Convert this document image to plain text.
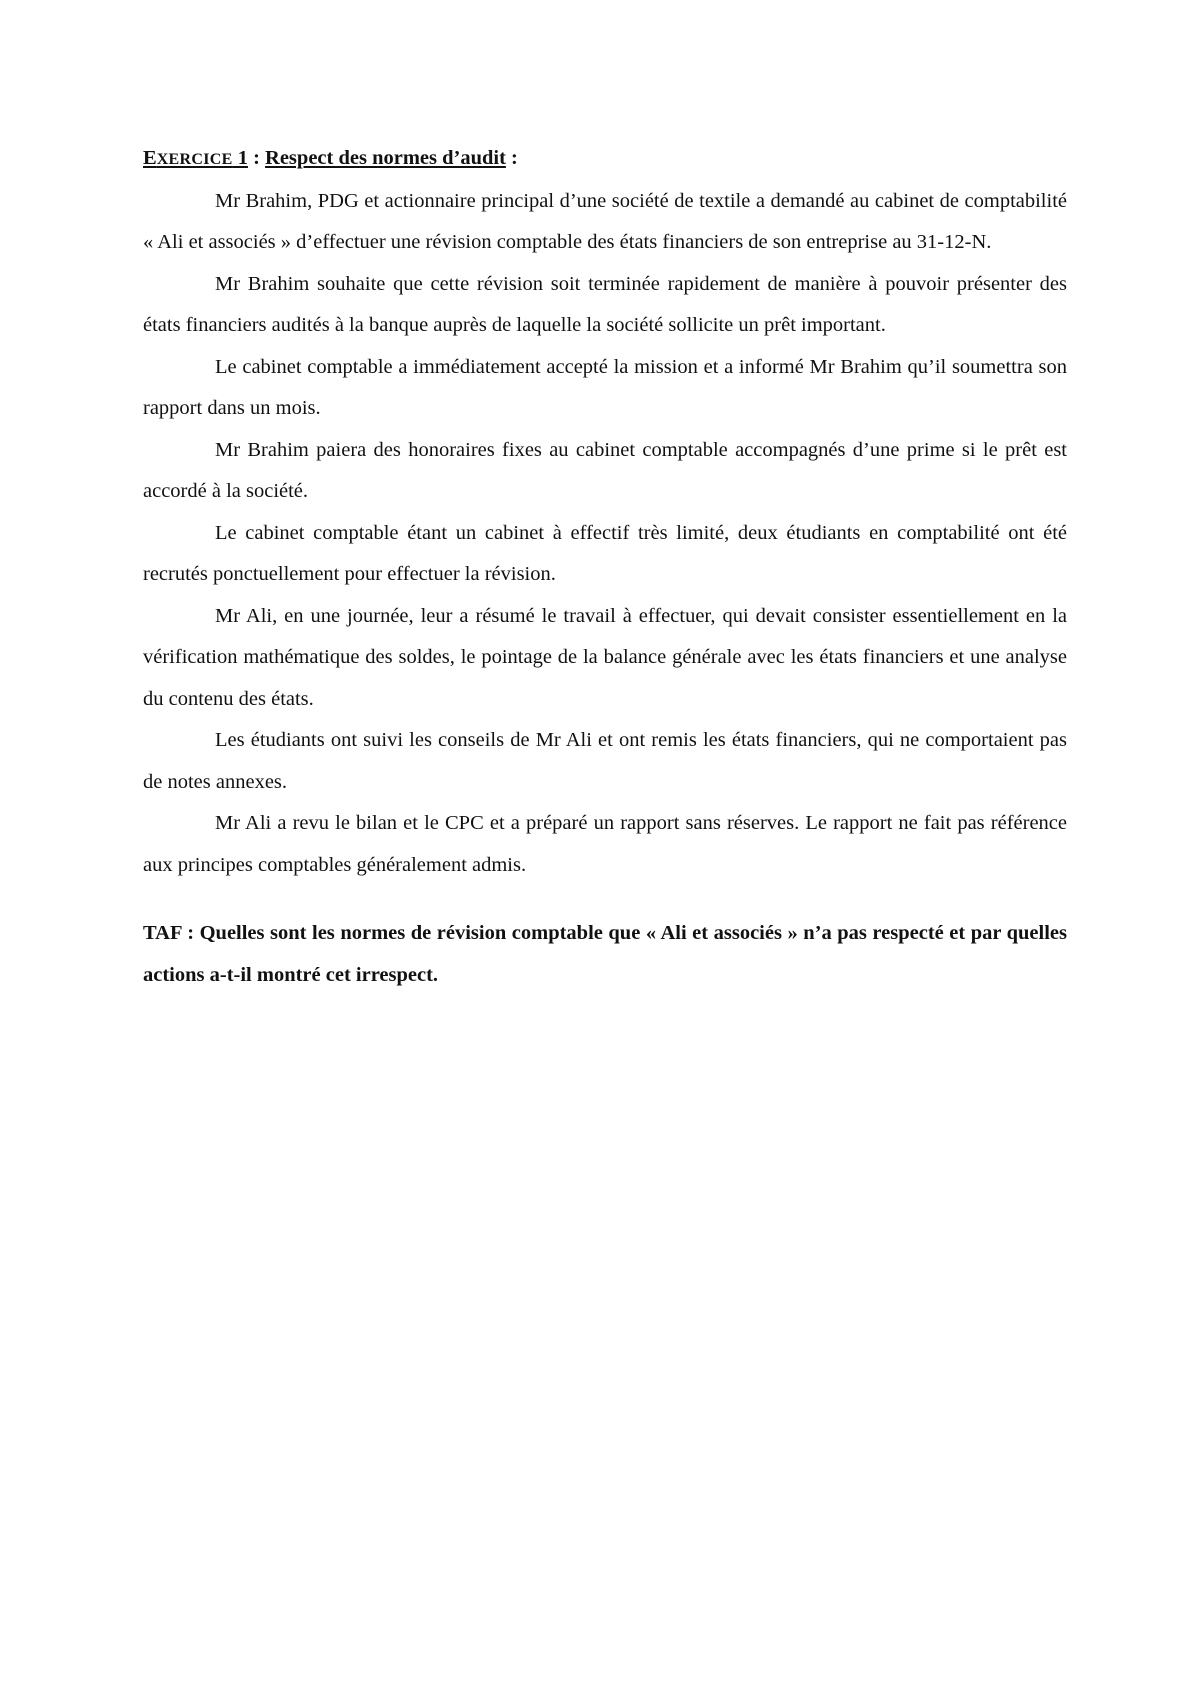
EXERCICE 1 : Respect des normes d’audit :

Mr Brahim, PDG et actionnaire principal d’une société de textile a demandé au cabinet de comptabilité « Ali et associés » d’effectuer une révision comptable des états financiers de son entreprise au 31-12-N.

Mr Brahim souhaite que cette révision soit terminée rapidement de manière à pouvoir présenter des états financiers audités à la banque auprès de laquelle la société sollicite un prêt important.

Le cabinet comptable a immédiatement accepté la mission et a informé Mr Brahim qu’il soumettra son rapport dans un mois.

Mr Brahim paiera des honoraires fixes au cabinet comptable accompagnés d’une prime si le prêt est accordé à la société.

Le cabinet comptable étant un cabinet à effectif très limité, deux étudiants en comptabilité ont été recrutés ponctuellement pour effectuer la révision.

Mr Ali, en une journée, leur a résumé le travail à effectuer, qui devait consister essentiellement en la vérification mathématique des soldes, le pointage de la balance générale avec les états financiers et une analyse du contenu des états.

Les étudiants ont suivi les conseils de Mr Ali et ont remis les états financiers, qui ne comportaient pas de notes annexes.

Mr Ali a revu le bilan et le CPC et a préparé un rapport sans réserves. Le rapport ne fait pas référence aux principes comptables généralement admis.

TAF : Quelles sont les normes de révision comptable que « Ali et associés » n’a pas respecté et par quelles actions a-t-il montré cet irrespect.
